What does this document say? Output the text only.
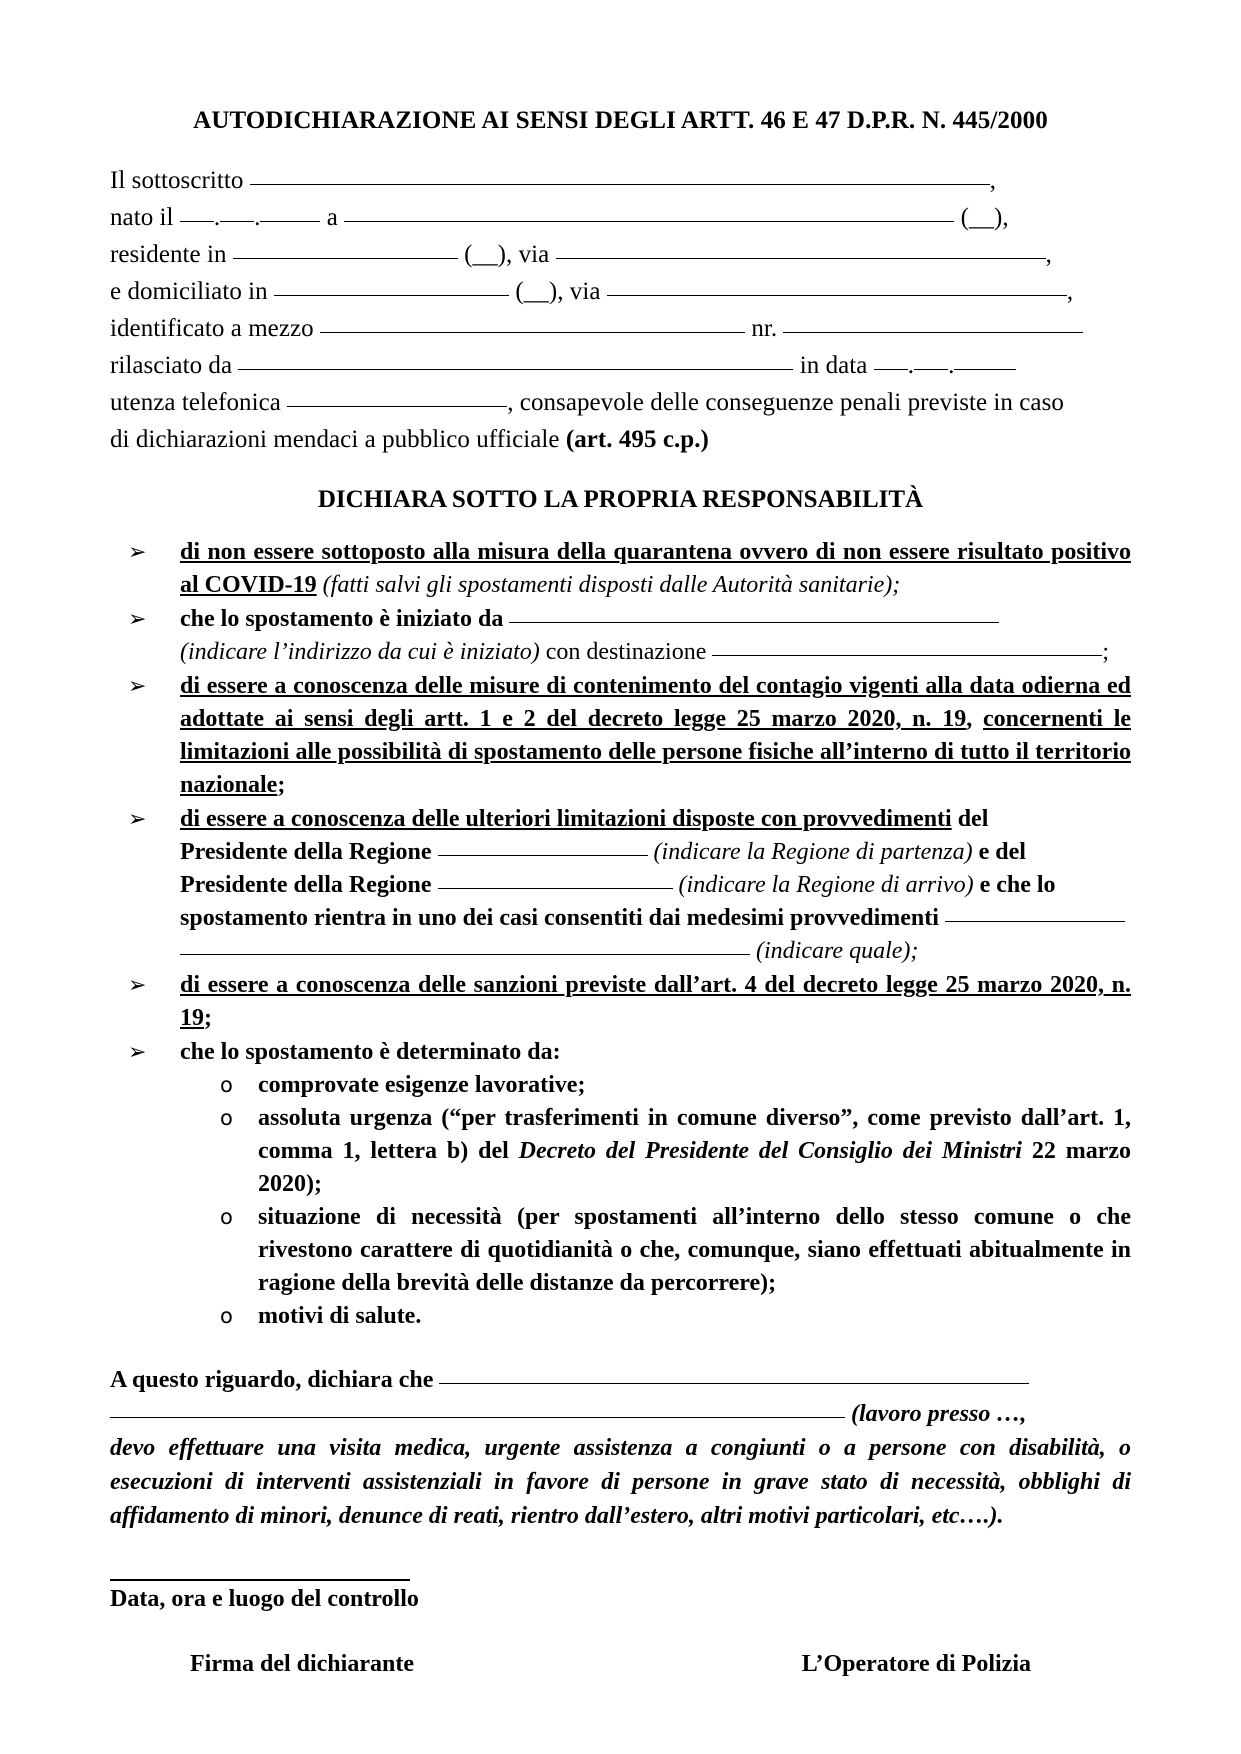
AUTODICHIARAZIONE AI SENSI DEGLI ARTT. 46 E 47 D.P.R. N. 445/2000

Il sottoscritto	,

nato il . .	a	(__),

residente in	(__), via	,

e domiciliato in	(__), via	,

identificato a mezzo	nr.

rilasciato da	in data . .

utenza telefonica	, consapevole delle conseguenze penali previste in caso

di dichiarazioni mendaci a pubblico ufficiale (art. 495 c.p.)

DICHIARA SOTTO LA PROPRIA RESPONSABILITÀ
➢ di non essere sottoposto alla misura della quarantena ovvero di non essere risultato positivo al COVID-19 (fatti salvi gli spostamenti disposti dalle Autorità sanitarie);
➢ che lo spostamento è iniziato da
(indicare l’indirizzo da cui è iniziato) con destinazione	;
➢ di essere a conoscenza delle misure di contenimento del contagio vigenti alla data odierna ed adottate ai sensi degli artt. 1 e 2 del decreto legge 25 marzo 2020, n. 19, concernenti le limitazioni alle possibilità di spostamento delle persone fisiche all’interno di tutto il territorio nazionale;
➢ di essere a conoscenza delle ulteriori limitazioni disposte con provvedimenti del
Presidente della Regione	(indicare la Regione di partenza) e del
Presidente della Regione	(indicare la Regione di arrivo) e che lo
spostamento rientra in uno dei casi consentiti dai medesimi provvedimenti
(indicare quale);
➢ di essere a conoscenza delle sanzioni previste dall’art. 4 del decreto legge 25 marzo 2020, n. 19;
➢ che lo spostamento è determinato da:
o comprovate esigenze lavorative;
o assoluta urgenza (“per trasferimenti in comune diverso”, come previsto dall’art. 1, comma 1, lettera b) del Decreto del Presidente del Consiglio dei Ministri 22 marzo 2020);
o situazione di necessità (per spostamenti all’interno dello stesso comune o che rivestono carattere di quotidianità o che, comunque, siano effettuati abitualmente in ragione della brevità delle distanze da percorrere);
o motivi di salute.
A questo riguardo, dichiara che
(lavoro presso …,
devo effettuare una visita medica, urgente assistenza a congiunti o a persone con disabilità, o esecuzioni di interventi assistenziali in favore di persone in grave stato di necessità, obblighi di affidamento di minori, denunce di reati, rientro dall’estero, altri motivi particolari, etc….).
Data, ora e luogo del controllo
Firma del dichiarante	L’Operatore di Polizia
